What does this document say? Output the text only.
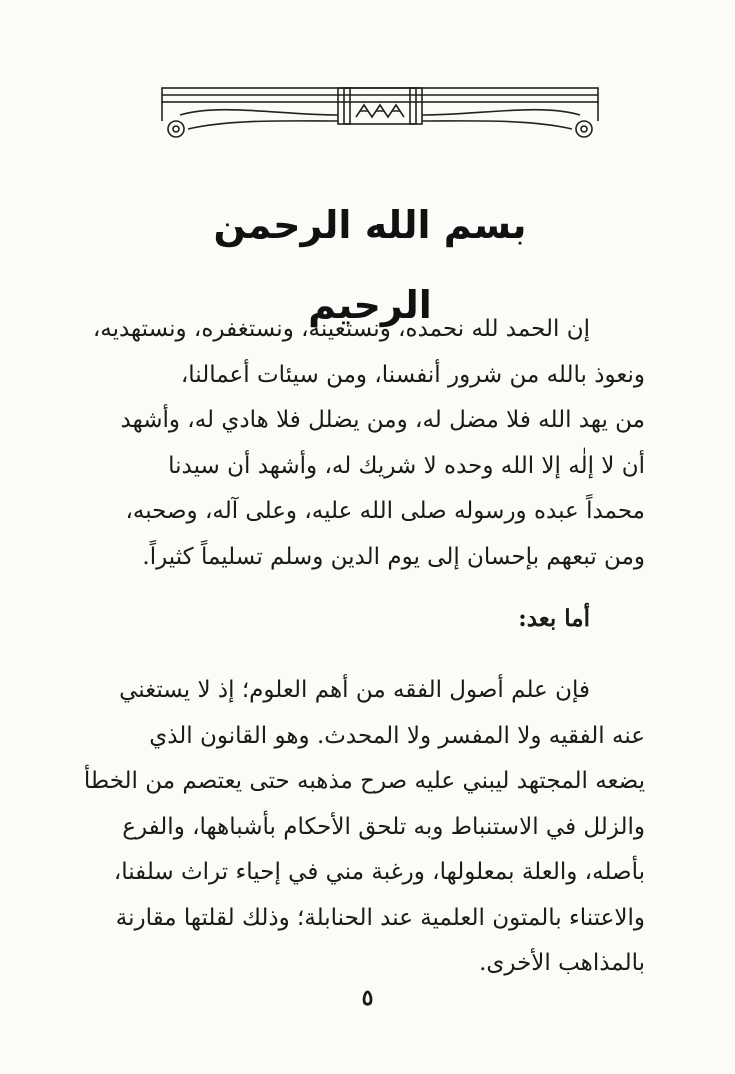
بسم الله الرحمن الرحيم
إن الحمد لله نحمده، ونستعينه، ونستغفره، ونستهديه،
ونعوذ بالله من شرور أنفسنا، ومن سيئات أعمالنا،
من يهد الله فلا مضل له، ومن يضلل فلا هادي له، وأشهد
أن لا إلٰه إلا الله وحده لا شريك له، وأشهد أن سيدنا
محمداً عبده ورسوله صلى الله عليه، وعلى آله، وصحبه،
ومن تبعهم بإحسان إلى يوم الدين وسلم تسليماً كثيراً.
أما بعد:
فإن علم أصول الفقه من أهم العلوم؛ إذ لا يستغني
عنه الفقيه ولا المفسر ولا المحدث. وهو القانون الذي
يضعه المجتهد ليبني عليه صرح مذهبه حتى يعتصم من الخطأ
والزلل في الاستنباط وبه تلحق الأحكام بأشباهها، والفرع
بأصله، والعلة بمعلولها، ورغبة مني في إحياء تراث سلفنا،
والاعتناء بالمتون العلمية عند الحنابلة؛ وذلك لقلتها مقارنة
بالمذاهب الأخرى.
٥
